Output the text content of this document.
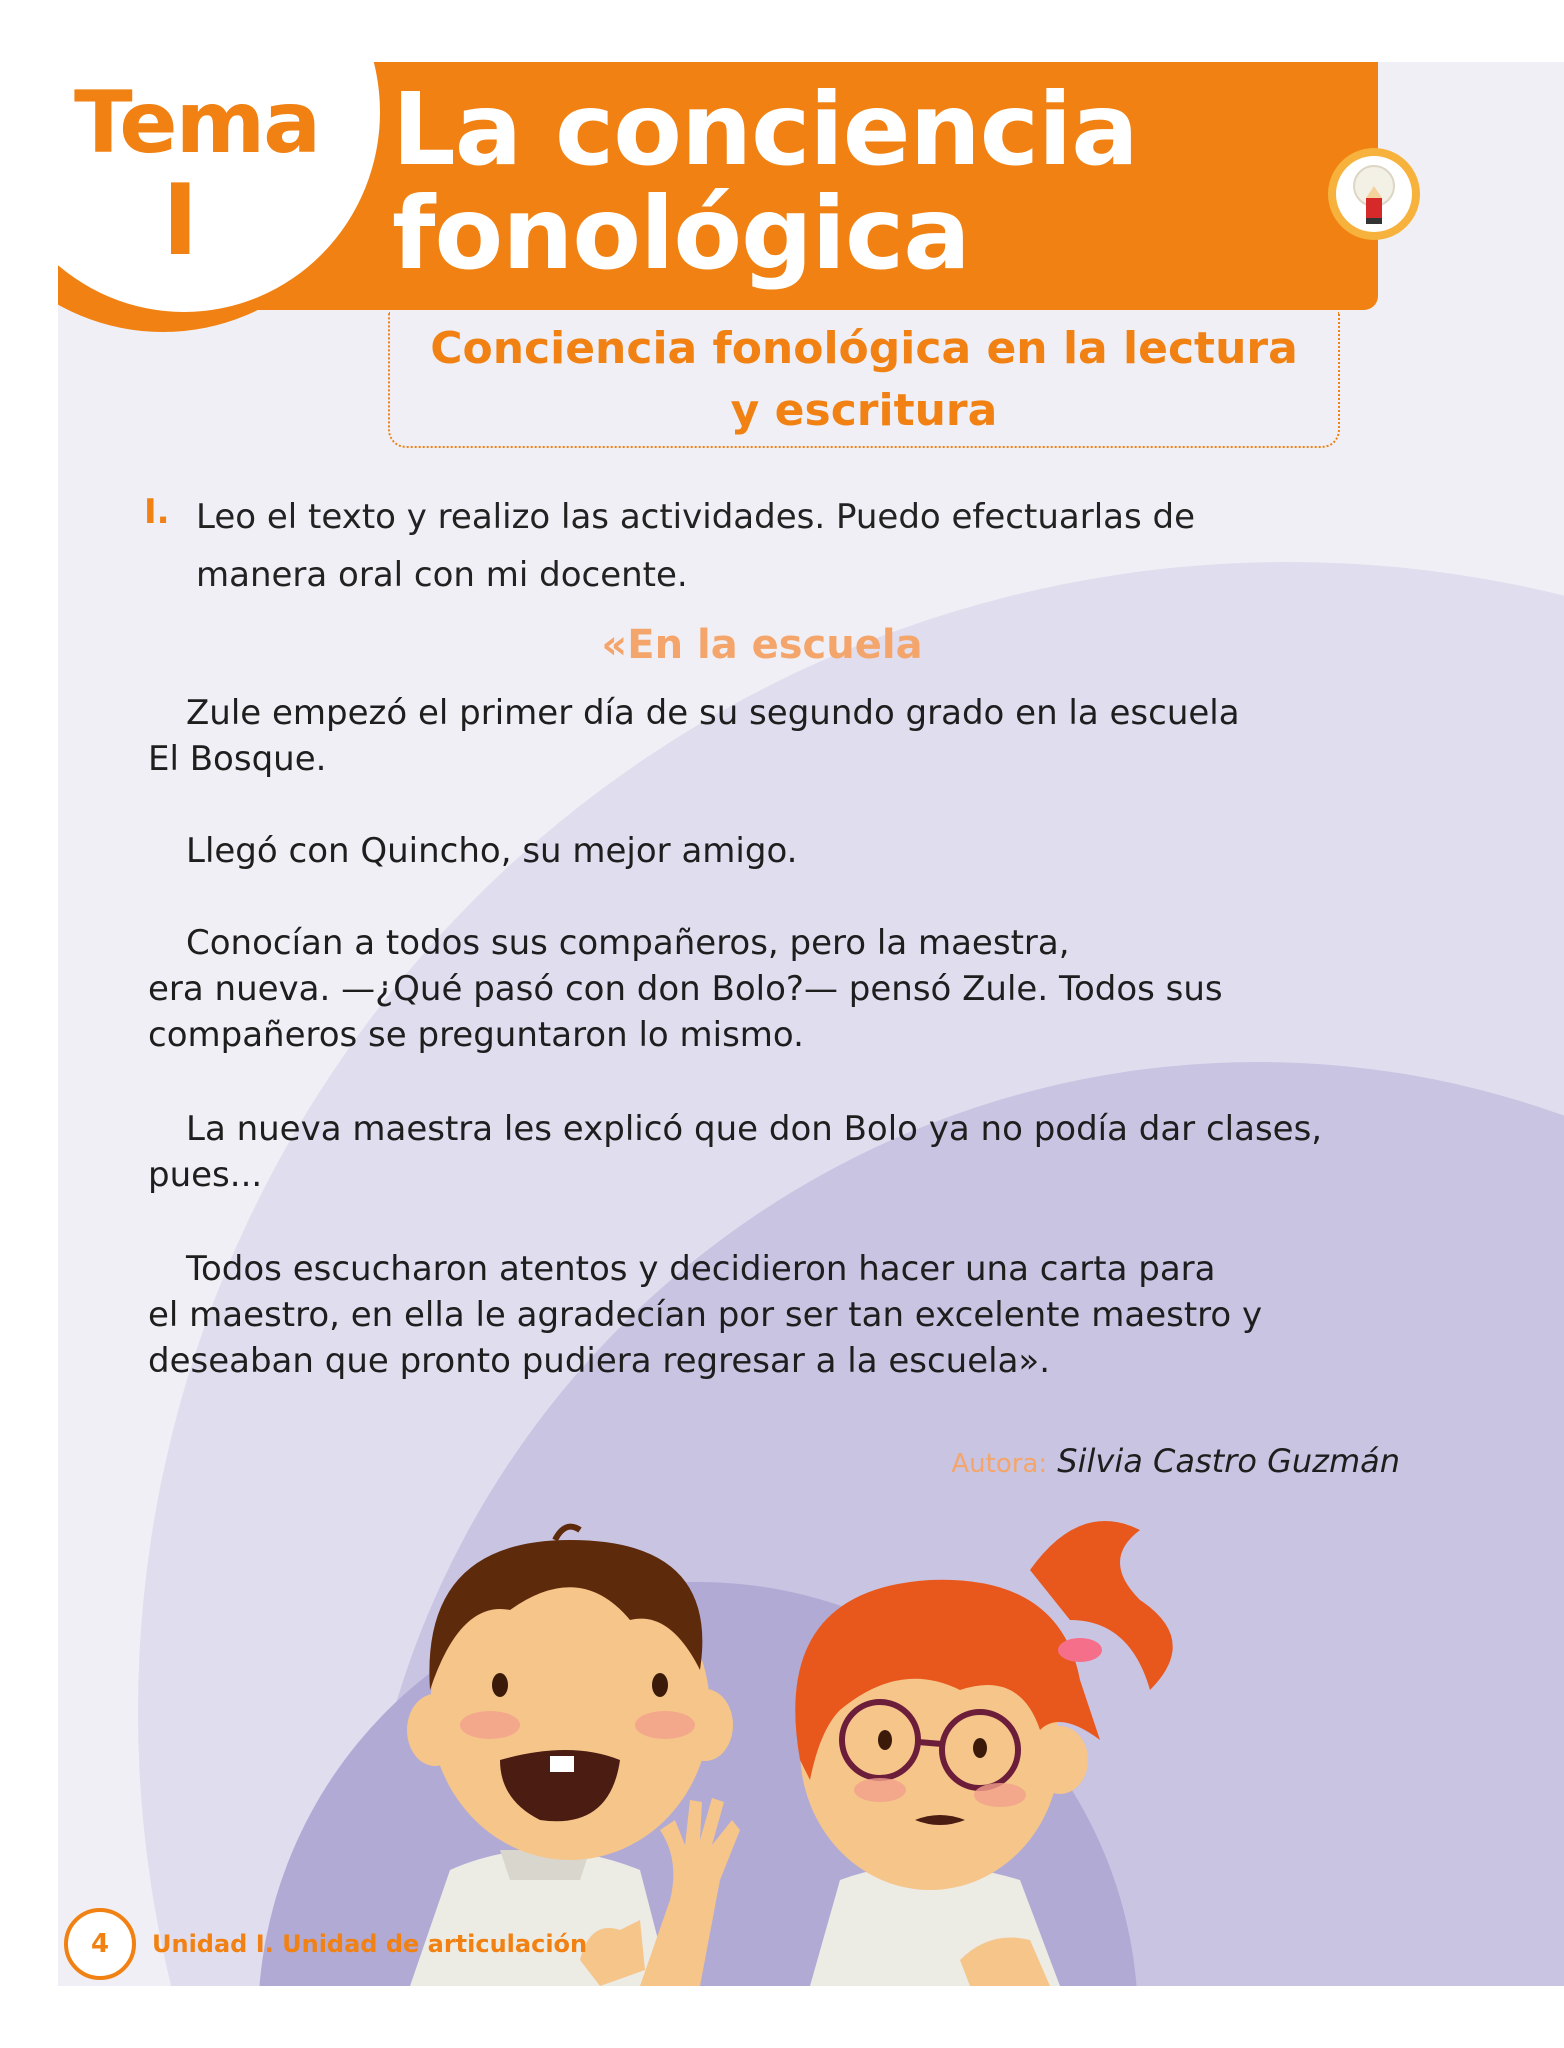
Tema
I
La conciencia
fonológica
Conciencia fonológica en la lectura
y escritura
I. Leo el texto y realizo las actividades. Puedo efectuarlas de manera oral con mi docente.
«En la escuela
Zule empezó el primer día de su segundo grado en la escuela
El Bosque.
Llegó con Quincho, su mejor amigo.
Conocían a todos sus compañeros, pero la maestra,
era nueva. —¿Qué pasó con don Bolo?— pensó Zule. Todos sus
compañeros se preguntaron lo mismo.
La nueva maestra les explicó que don Bolo ya no podía dar clases,
pues...
Todos escucharon atentos y decidieron hacer una carta para
el maestro, en ella le agradecían por ser tan excelente maestro y
deseaban que pronto pudiera regresar a la escuela».
Autora: Silvia Castro Guzmán
4	Unidad I. Unidad de articulación
